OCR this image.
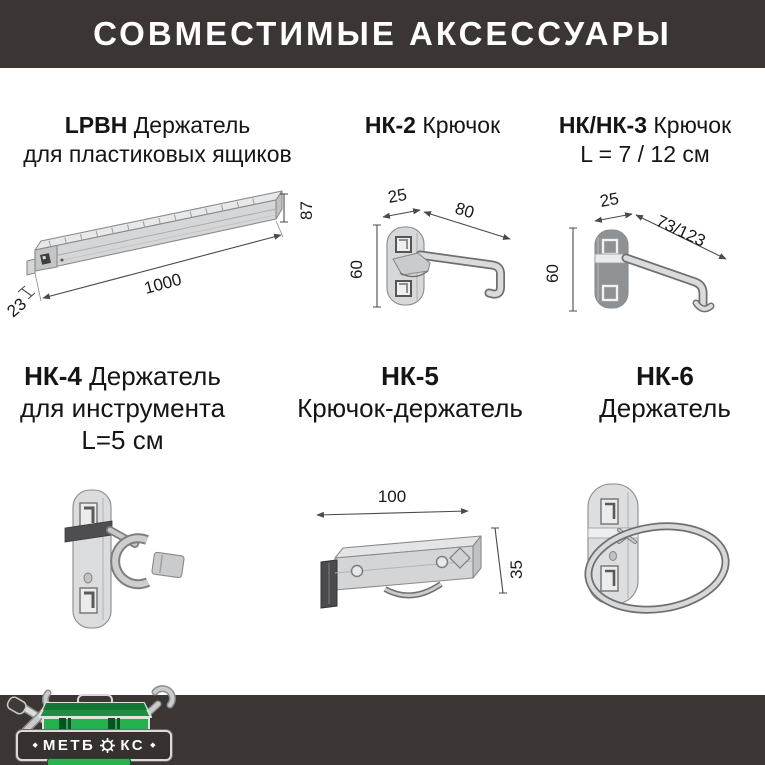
СОВМЕСТИМЫЕ АКСЕССУАРЫ
LPBH Держатель
для пластиковых ящиков
НК-2 Крючок	НК/НК-3 Крючок
L = 7 / 12 см
НК-4 Держатель
для инструмента
L=5 см
НК-5
Крючок-держатель
НК-6
Держатель
87
1000
23
25
80
60
25
73/123
60
100
35
◆ МЕТБ КС ◆
